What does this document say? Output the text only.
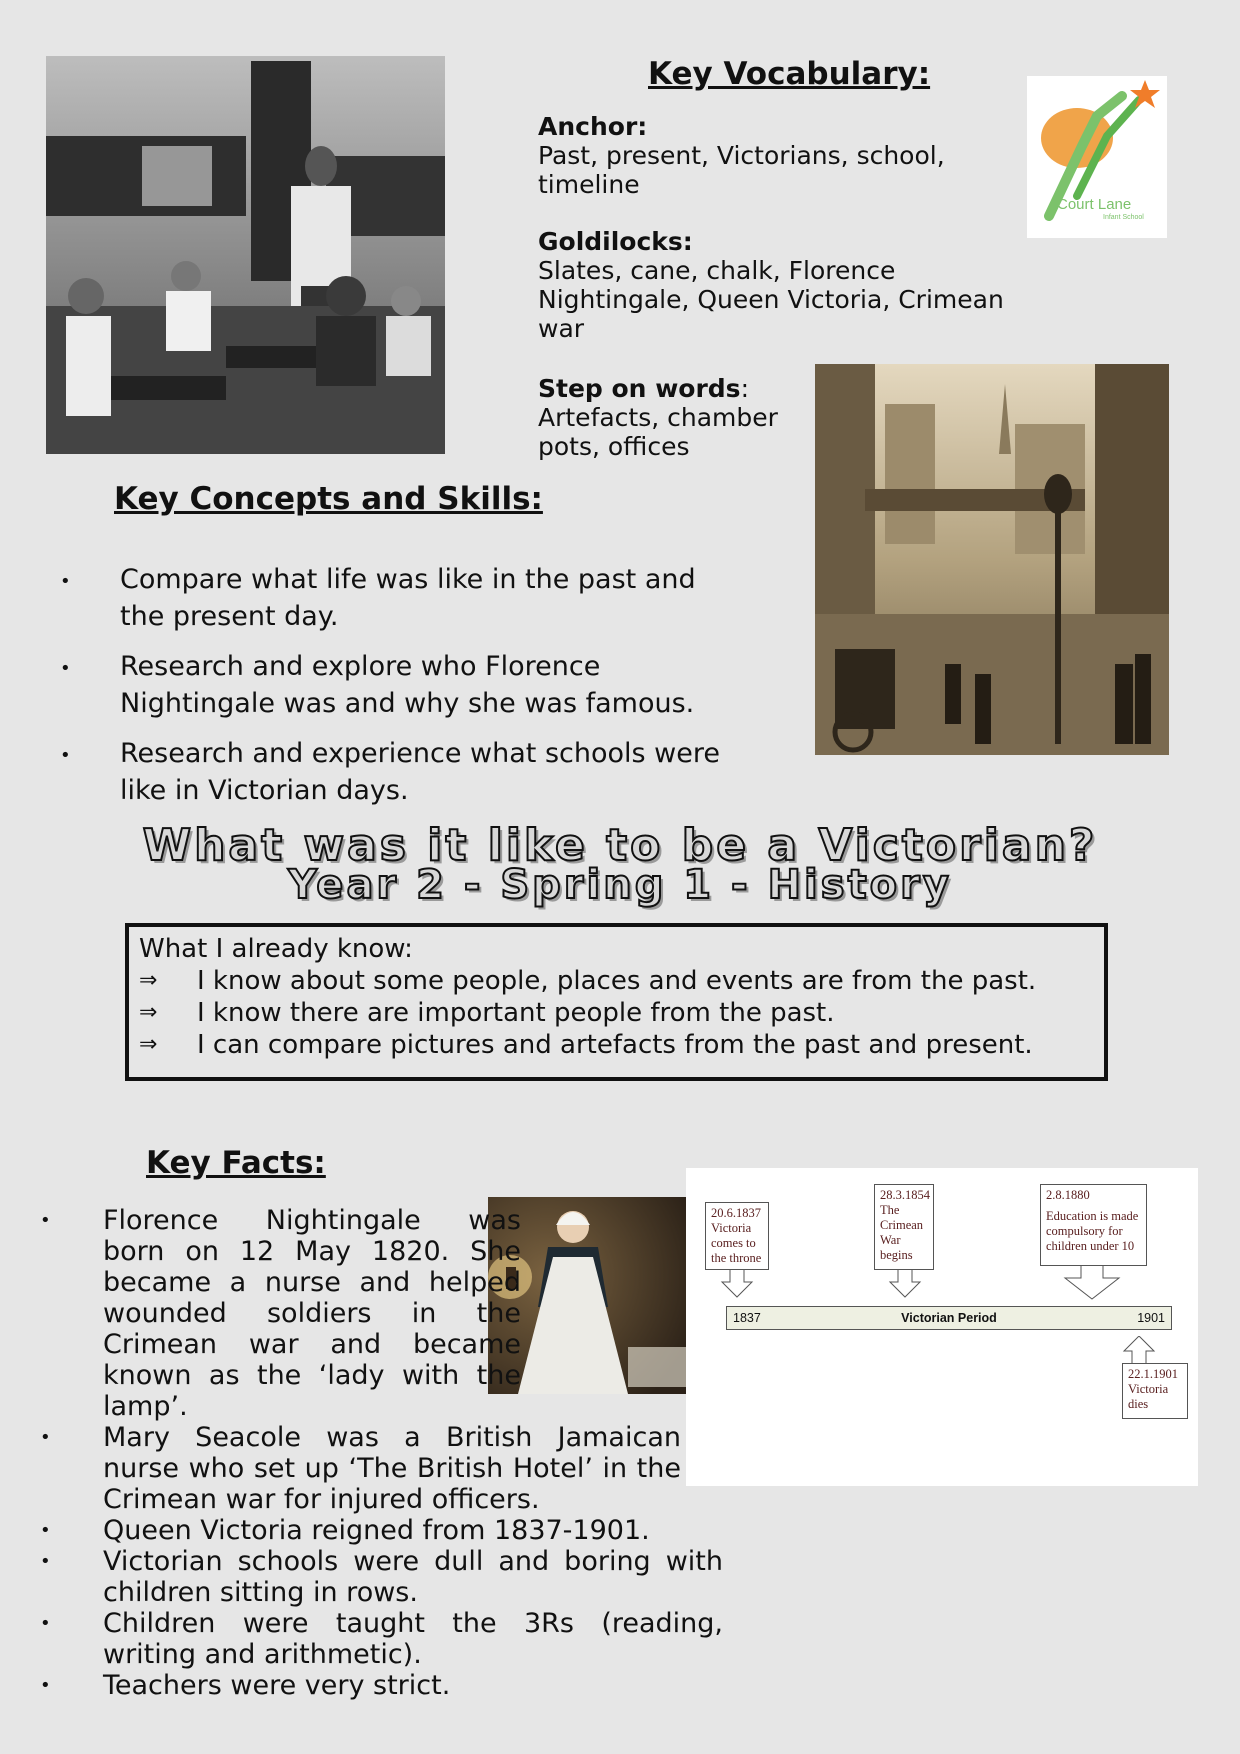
Key Vocabulary:
Anchor:
Past, present, Victorians, school,
timeline
Goldilocks:
Slates, cane, chalk, Florence
Nightingale, Queen Victoria, Crimean
war
Step on words:
Artefacts, chamber
pots, offices
Court Lane
Infant School
Key Concepts and Skills:
• Compare what life was like in the past and
the present day.
• Research and explore who Florence
Nightingale was and why she was famous.
• Research and experience what schools were
like in Victorian days.
What was it like to be a Victorian?
Year 2 - Spring 1 - History
What I already know:
⇒	I know about some people, places and events are from the past.
⇒	I know there are important people from the past.
⇒	I can compare pictures and artefacts from the past and present.
Key Facts:
• Florence Nightingale was
born on 12 May 1820. She
became a nurse and helped
wounded soldiers in the
Crimean war and became
known as the ‘lady with the
lamp’.
• Mary Seacole was a British Jamaican
nurse who set up ‘The British Hotel’ in the
Crimean war for injured officers.
• Queen Victoria reigned from 1837-1901.
• Victorian schools were dull and boring with
children sitting in rows.
• Children were taught the 3Rs (reading,
writing and arithmetic).
• Teachers were very strict.
20.6.1837
Victoria
comes to
the throne
28.3.1854
The
Crimean
War
begins
2.8.1880
Education is made
compulsory for
children under 10
1837	Victorian Period	1901
22.1.1901
Victoria
dies
